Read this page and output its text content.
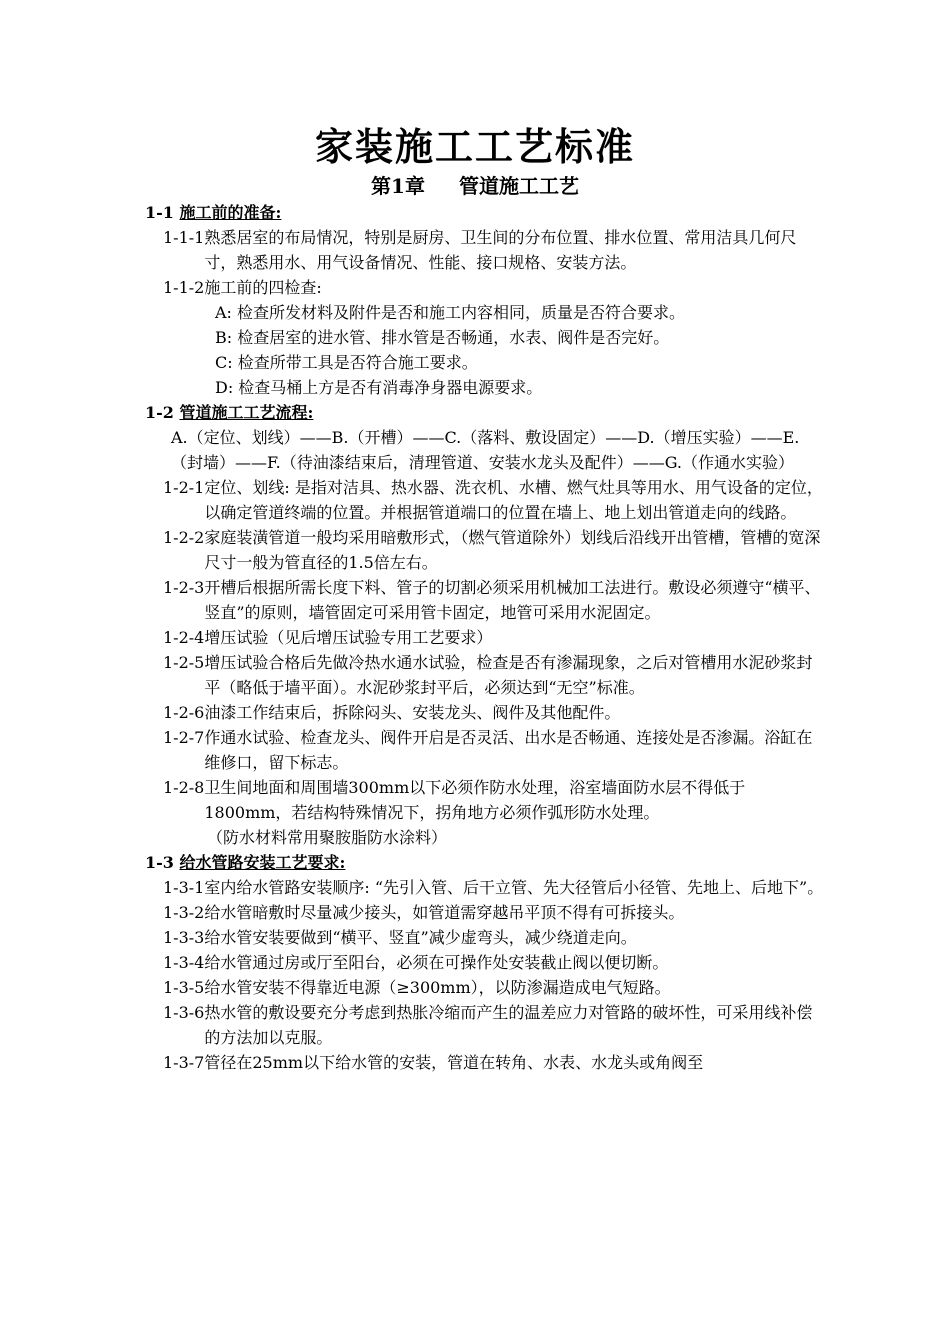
家装施工工艺标准
第1章 管道施工工艺
1-1 施工前的准备:
1-1-1 熟悉居室的布局情况，特别是厨房、卫生间的分布位置、排水位置、常用洁具几何尺寸，熟悉用水、用气设备情况、性能、接口规格、安装方法。
1-1-2 施工前的四检查:
A: 检查所发材料及附件是否和施工内容相同，质量是否符合要求。
B: 检查居室的进水管、排水管是否畅通，水表、阀件是否完好。
C: 检查所带工具是否符合施工要求。
D: 检查马桶上方是否有消毒净身器电源要求。
1-2 管道施工工艺流程:
A.（定位、划线）——B.（开槽）——C.（落料、敷设固定）——D.（增压实验）——E.（封墙）——F.（待油漆结束后，清理管道、安装水龙头及配件）——G.（作通水实验）
1-2-1 定位、划线: 是指对洁具、热水器、洗衣机、水槽、燃气灶具等用水、用气设备的定位，以确定管道终端的位置。并根据管道端口的位置在墙上、地上划出管道走向的线路。
1-2-2 家庭装潢管道一般均采用暗敷形式，（燃气管道除外）划线后沿线开出管槽，管槽的宽深尺寸一般为管直径的1.5倍左右。
1-2-3 开槽后根据所需长度下料、管子的切割必须采用机械加工法进行。敷设必须遵守“横平、竖直”的原则，墙管固定可采用管卡固定，地管可采用水泥固定。
1-2-4 增压试验（见后增压试验专用工艺要求）
1-2-5 增压试验合格后先做冷热水通水试验，检查是否有渗漏现象，之后对管槽用水泥砂浆封平（略低于墙平面）。水泥砂浆封平后，必须达到“无空”标准。
1-2-6 油漆工作结束后，拆除闷头、安装龙头、阀件及其他配件。
1-2-7 作通水试验、检查龙头、阀件开启是否灵活、出水是否畅通、连接处是否渗漏。浴缸在维修口，留下标志。
1-2-8 卫生间地面和周围墙300mm以下必须作防水处理，浴室墙面防水层不得低于1800mm，若结构特殊情况下，拐角地方必须作弧形防水处理。
（防水材料常用聚胺脂防水涂料）
1-3 给水管路安装工艺要求:
1-3-1 室内给水管路安装顺序: “先引入管、后干立管、先大径管后小径管、先地上、后地下”。
1-3-2 给水管暗敷时尽量减少接头，如管道需穿越吊平顶不得有可拆接头。
1-3-3 给水管安装要做到“横平、竖直”减少虚弯头，减少绕道走向。
1-3-4 给水管通过房或厅至阳台，必须在可操作处安装截止阀以便切断。
1-3-5 给水管安装不得靠近电源（≥300mm），以防渗漏造成电气短路。
1-3-6 热水管的敷设要充分考虑到热胀冷缩而产生的温差应力对管路的破坏性，可采用线补偿的方法加以克服。
1-3-7 管径在25mm以下给水管的安装，管道在转角、水表、水龙头或角阀至
